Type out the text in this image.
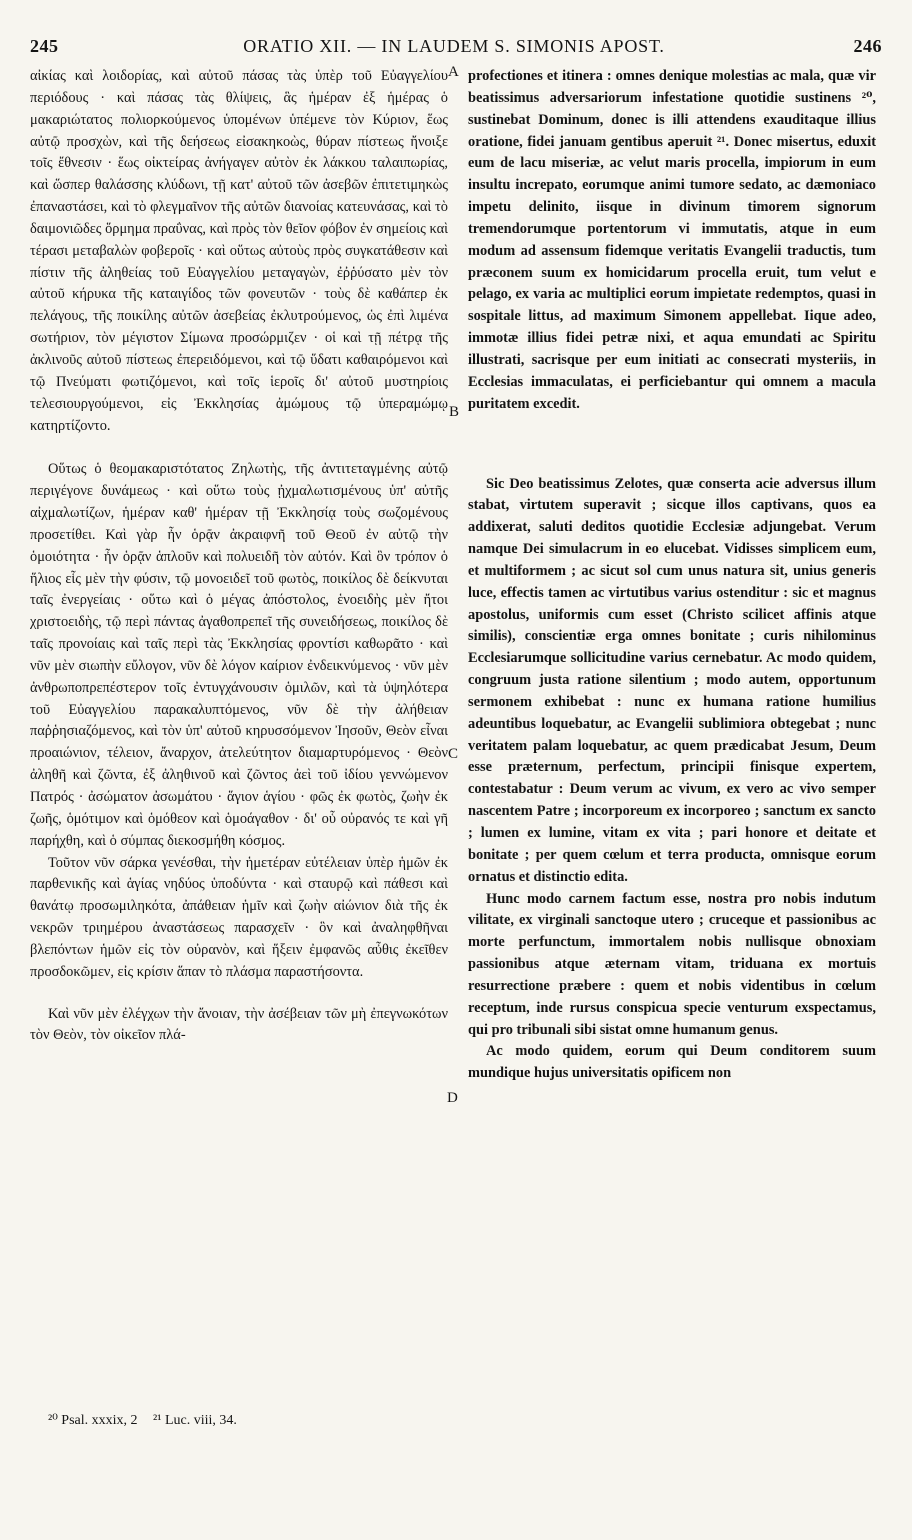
245	ORATIO XII. — IN LAUDEM S. SIMONIS APOST.	246

αἰκίας καὶ λοιδορίας, καὶ αὐτοῦ πάσας τὰς ὑπὲρ τοῦ Εὐαγγελίου περιόδους · καὶ πάσας τὰς θλίψεις, ἃς ἡμέραν ἐξ ἡμέρας ὁ μακαριώτατος πολιορκούμενος ὑπομένων ὑπέμενε τὸν Κύριον, ἕως αὐτῷ προσχὼν, καὶ τῆς δεήσεως εἰσακηκοὼς, θύραν πίστεως ἤνοιξε τοῖς ἔθνεσιν · ἕως οἰκτείρας ἀνήγαγεν αὐτὸν ἐκ λάκκου ταλαιπωρίας, καὶ ὥσπερ θαλάσσης κλύδωνι, τῇ κατ' αὐτοῦ τῶν ἀσεβῶν ἐπιτετιμηκὼς ἐπαναστάσει, καὶ τὸ φλεγμαῖνον τῆς αὐτῶν διανοίας κατευνάσας, καὶ τὸ δαιμονιῶδες ὅρμημα πραΰνας, καὶ πρὸς τὸν θεῖον φόβον ἐν σημείοις καὶ τέρασι μεταβαλὼν φοβεροῖς · καὶ οὕτως αὐτοὺς πρὸς συγκατάθεσιν καὶ πίστιν τῆς ἀληθείας τοῦ Εὐαγγελίου μεταγαγὼν, ἐῤῥύσατο μὲν τὸν αὐτοῦ κήρυκα τῆς καταιγίδος τῶν φονευτῶν · τοὺς δὲ καθάπερ ἐκ πελάγους, τῆς ποικίλης αὐτῶν ἀσεβείας ἐκλυτρούμενος, ὡς ἐπὶ λιμένα σωτήριον, τὸν μέγιστον Σίμωνα προσώρμιζεν · οἱ καὶ τῇ πέτρᾳ τῆς ἀκλινοῦς αὐτοῦ πίστεως ἐπερειδόμενοι, καὶ τῷ ὕδατι καθαιρόμενοι καὶ τῷ Πνεύματι φωτιζόμενοι, καὶ τοῖς ἱεροῖς δι' αὐτοῦ μυστηρίοις τελεσιουργούμενοι, εἰς Ἐκκλησίας ἀμώμους τῷ ὑπεραμώμῳ κατηρτίζοντο.

Οὕτως ὁ θεομακαριστότατος Ζηλωτὴς, τῆς ἀντιτεταγμένης αὐτῷ περιγέγονε δυνάμεως · καὶ οὕτω τοὺς ᾐχμαλωτισμένους ὑπ' αὐτῆς αἰχμαλωτίζων, ἡμέραν καθ' ἡμέραν τῇ Ἐκκλησίᾳ τοὺς σωζομένους προσετίθει. Καὶ γὰρ ἦν ὁρᾷν ἀκραιφνῆ τοῦ Θεοῦ ἐν αὐτῷ τὴν ὁμοιότητα · ἦν ὁρᾷν ἁπλοῦν καὶ πολυειδῆ τὸν αὐτόν. Καὶ ὃν τρόπον ὁ ἥλιος εἷς μὲν τὴν φύσιν, τῷ μονοειδεῖ τοῦ φωτὸς, ποικίλος δὲ δείκνυται ταῖς ἐνεργείαις · οὕτω καὶ ὁ μέγας ἀπόστολος, ἑνοειδὴς μὲν ἤτοι χριστοειδὴς, τῷ περὶ πάντας ἀγαθοπρεπεῖ τῆς συνειδήσεως, ποικίλος δὲ ταῖς προνοίαις καὶ ταῖς περὶ τὰς Ἐκκλησίας φροντίσι καθωρᾶτο · καὶ νῦν μὲν σιωπὴν εὔλογον, νῦν δὲ λόγον καίριον ἐνδεικνύμενος · νῦν μὲν ἀνθρωποπρεπέστερον τοῖς ἐντυγχάνουσιν ὁμιλῶν, καὶ τὰ ὑψηλότερα τοῦ Εὐαγγελίου παρακαλυπτόμενος, νῦν δὲ τὴν ἀλήθειαν παῤῥησιαζόμενος, καὶ τὸν ὑπ' αὐτοῦ κηρυσσόμενον Ἰησοῦν, Θεὸν εἶναι προαιώνιον, τέλειον, ἄναρχον, ἀτελεύτητον διαμαρτυρόμενος · Θεὸν ἀληθῆ καὶ ζῶντα, ἐξ ἀληθινοῦ καὶ ζῶντος ἀεὶ τοῦ ἰδίου γεννώμενον Πατρός · ἀσώματον ἀσωμάτου · ἅγιον ἁγίου · φῶς ἐκ φωτὸς, ζωὴν ἐκ ζωῆς, ὁμότιμον καὶ ὁμόθεον καὶ ὁμοάγαθον · δι' οὗ οὐρανός τε καὶ γῆ παρήχθη, καὶ ὁ σύμπας διεκοσμήθη κόσμος.

Τοῦτον νῦν σάρκα γενέσθαι, τὴν ἡμετέραν εὐτέλειαν ὑπὲρ ἡμῶν ἐκ παρθενικῆς καὶ ἁγίας νηδύος ὑποδύντα · καὶ σταυρῷ καὶ πάθεσι καὶ θανάτῳ προσωμιληκότα, ἀπάθειαν ἡμῖν καὶ ζωὴν αἰώνιον διὰ τῆς ἐκ νεκρῶν τριημέρου ἀναστάσεως παρασχεῖν · ὃν καὶ ἀναληφθῆναι βλεπόντων ἡμῶν εἰς τὸν οὐρανὸν, καὶ ἥξειν ἐμφανῶς αὖθις ἐκεῖθεν προσδοκῶμεν, εἰς κρίσιν ἅπαν τὸ πλάσμα παραστήσοντα.

Καὶ νῦν μὲν ἐλέγχων τὴν ἄνοιαν, τὴν ἀσέβειαν τῶν μὴ ἐπεγνωκότων τὸν Θεὸν, τὸν οἰκεῖον πλά-

A
B
C
D

profectiones et itinera : omnes denique molestias ac mala, quæ vir beatissimus adversariorum infestatione quotidie sustinens ²⁰, sustinebat Dominum, donec is illi attendens exauditaque illius oratione, fidei januam gentibus aperuit ²¹. Donec misertus, eduxit eum de lacu miseriæ, ac velut maris procella, impiorum in eum insultu increpato, eorumque animi tumore sedato, ac dæmoniaco impetu delinito, iisque in divinum timorem signorum tremendorumque portentorum vi immutatis, atque in eum modum ad assensum fidemque veritatis Evangelii traductis, tum præconem suum ex homicidarum procella eruit, tum velut e pelago, ex varia ac multiplici eorum impietate redemptos, quasi in sospitale littus, ad maximum Simonem appellebat. Iique adeo, immotæ illius fidei petræ nixi, et aqua emundati ac Spiritu illustrati, sacrisque per eum initiati ac consecrati mysteriis, in Ecclesias immaculatas, ei perficiebantur qui omnem a macula puritatem excedit.

Sic Deo beatissimus Zelotes, quæ conserta acie adversus illum stabat, virtutem superavit ; sicque illos captivans, quos ea addixerat, saluti deditos quotidie Ecclesiæ adjungebat. Verum namque Dei simulacrum in eo elucebat. Vidisses simplicem eum, et multiformem ; ac sicut sol cum unus natura sit, unius generis luce, effectis tamen ac virtutibus varius ostenditur : sic et magnus apostolus, uniformis cum esset (Christo scilicet affinis atque similis), conscientiæ erga omnes bonitate ; curis nihilominus Ecclesiarumque sollicitudine varius cernebatur. Ac modo quidem, congruum justa ratione silentium ; modo autem, opportunum sermonem exhibebat : nunc ex humana ratione humilius adeuntibus loquebatur, ac Evangelii sublimiora obtegebat ; nunc veritatem palam loquebatur, ac quem prædicabat Jesum, Deum esse præternum, perfectum, principii finisque expertem, contestabatur : Deum verum ac vivum, ex vero ac vivo semper nascentem Patre ; incorporeum ex incorporeo ; sanctum ex sancto ; lumen ex lumine, vitam ex vita ; pari honore et deitate et bonitate ; per quem cœlum et terra producta, omnisque eorum ornatus et distinctio edita.

Hunc modo carnem factum esse, nostra pro nobis indutum vilitate, ex virginali sanctoque utero ; cruceque et passionibus ac morte perfunctum, immortalem nobis nullisque obnoxiam passionibus atque æternam vitam, triduana ex mortuis resurrectione præbere : quem et nobis videntibus in cœlum receptum, inde rursus conspicua specie venturum exspectamus, qui pro tribunali sibi sistat omne humanum genus.

Ac modo quidem, eorum qui Deum conditorem suum mundique hujus universitatis opificem non

²⁰ Psal. xxxix, 2 ²¹ Luc. viii, 34.
